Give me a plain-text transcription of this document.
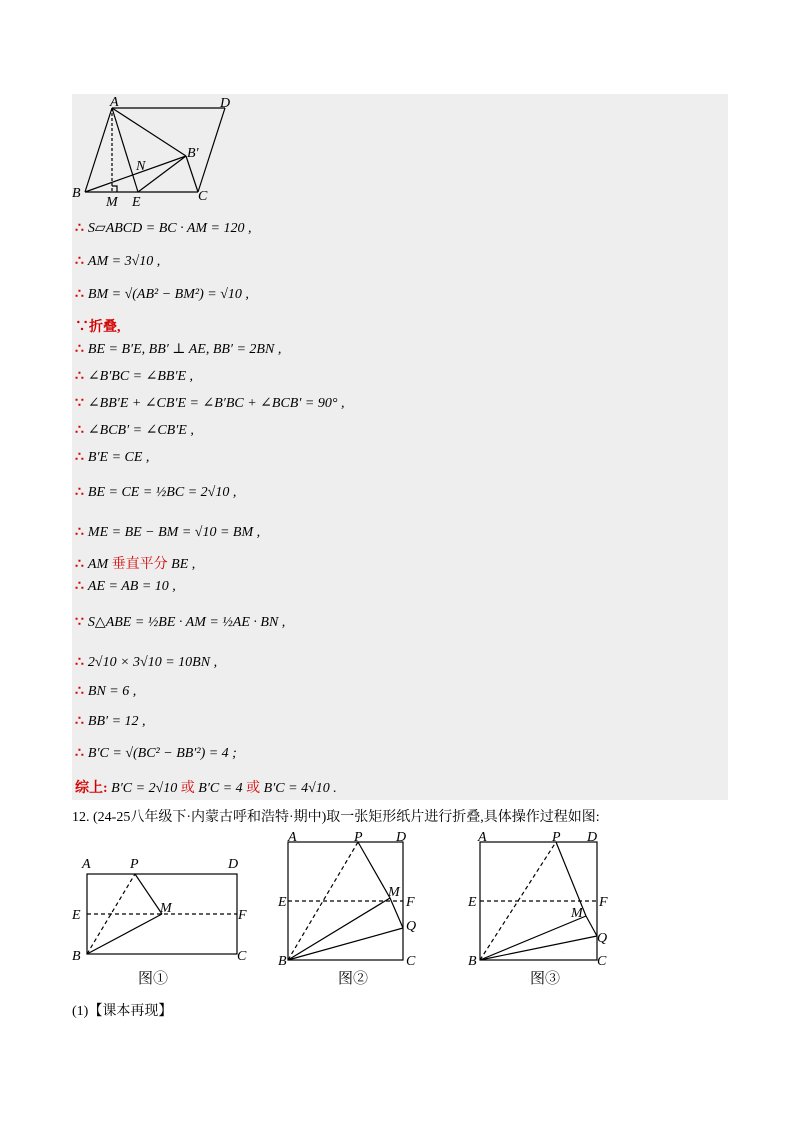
A	D
B	C
M E
N
B′
∴ S▱ABCD = BC · AM = 120 ,
∴ AM = 3√10 ,
∴ BM = √(AB² − BM²) = √10 ,
∵折叠,
∴ BE = B′E, BB′ ⊥ AE, BB′ = 2BN ,
∴ ∠B′BC = ∠BB′E ,
∵ ∠BB′E + ∠CB′E = ∠B′BC + ∠BCB′ = 90° ,
∴ ∠BCB′ = ∠CB′E ,
∴ B′E = CE ,
∴ BE = CE = ½BC = 2√10 ,
∴ ME = BE − BM = √10 = BM ,
∴ AM 垂直平分 BE ,
∴ AE = AB = 10 ,
∵ S△ABE = ½BE · AM = ½AE · BN ,
∴ 2√10 × 3√10 = 10BN ,
∴ BN = 6 ,
∴ BB′ = 12 ,
∴ B′C = √(BC² − BB′²) = 4 ;
综上: B′C = 2√10 或 B′C = 4 或 B′C = 4√10 .
12. (24-25八年级下·内蒙古呼和浩特·期中)取一张矩形纸片进行折叠,具体操作过程如图:
A	P	D
E	M	F
B	C
图①
A	P D
E
M
F
Q
B	C
图②
A	P D
E
M
F
Q
B	C
图③
(1)【课本再现】
